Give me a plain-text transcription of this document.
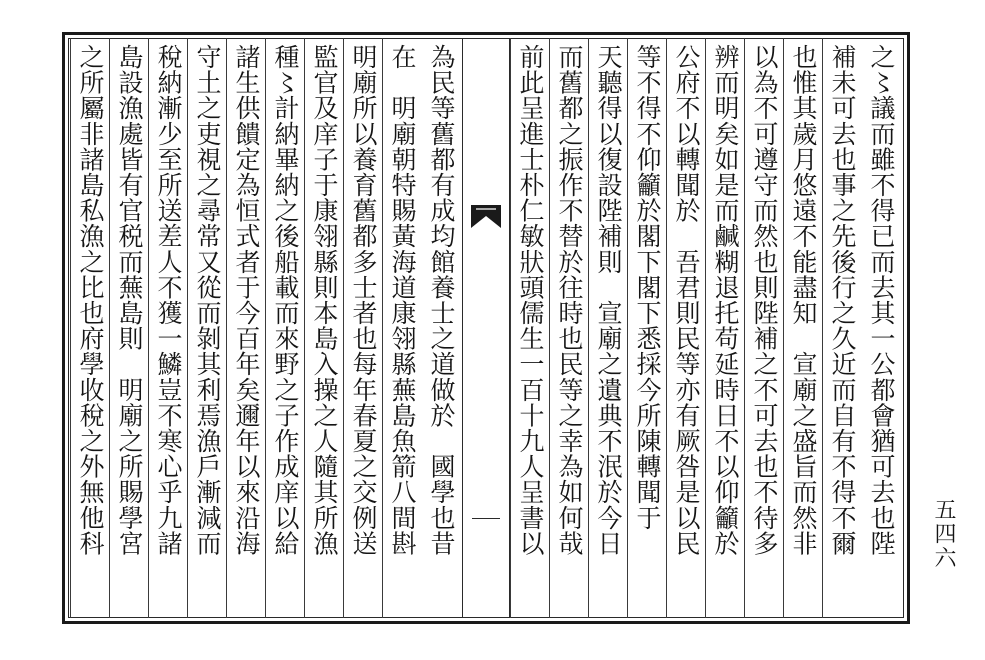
為民等舊都有成均館養士之道做於　國學也昔
在　明廟朝特賜黃海道康翎縣蕪島魚箭八間斟
明廟所以養育舊都多士者也每年春夏之交例送
監官及庠子于康翎縣則本島入操之人隨其所漁
種〻計納畢納之後船載而來野之子作成庠以給
諸生供饋定為恒式者于今百年矣邇年以來沿海
守土之吏視之尋常又從而剝其利焉漁戶漸減而
稅納漸少至所送差人不獲一鱗豈不寒心乎九諸
島設漁處皆有官税而蕪島則　明廟之所賜學宮
之所屬非諸島私漁之比也府學收稅之外無他科	之〻議而雖不得已而去其一公都會猶可去也陛
補未可去也事之先後行之久近而自有不得不爾
也惟其歲月悠遠不能盡知　宣廟之盛旨而然非
以為不可遵守而然也則陛補之不可去也不待多
辨而明矣如是而鹹糊退托苟延時日不以仰籲於
公府不以轉聞於　吾君則民等亦有厥咎是以民
等不得不仰籲於閣下閣下悉採今所陳轉聞于
天聽得以復設陛補則　宣廟之遺典不泯於今日
而舊都之振作不替於往時也民等之幸為如何哉
前此呈進士朴仁敏狀頭儒生一百十九人呈書以	五四六
